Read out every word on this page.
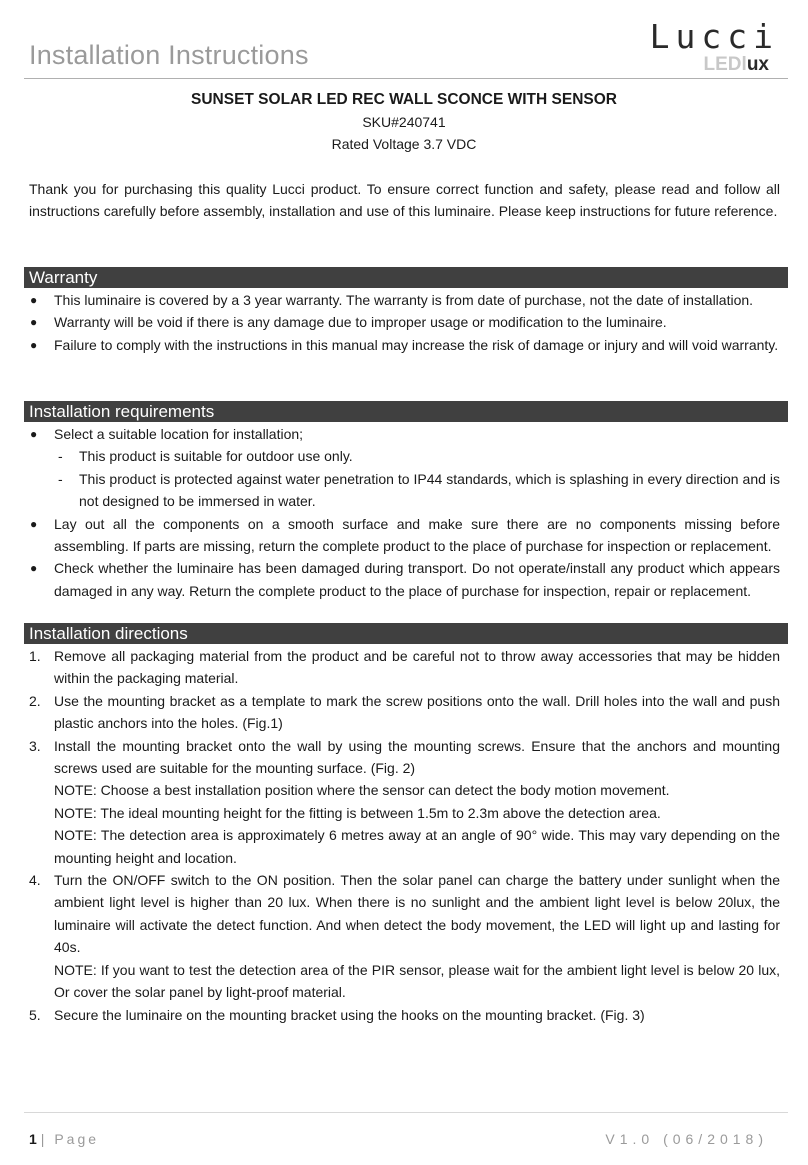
Installation Instructions	Lucci
LEDlux
SUNSET SOLAR LED REC WALL SCONCE WITH SENSOR
SKU#240741
Rated Voltage 3.7 VDC
Thank you for purchasing this quality Lucci product. To ensure correct function and safety, please read and follow all instructions carefully before assembly, installation and use of this luminaire. Please keep instructions for future reference.
Warranty
● This luminaire is covered by a 3 year warranty. The warranty is from date of purchase, not the date of installation.
● Warranty will be void if there is any damage due to improper usage or modification to the luminaire.
● Failure to comply with the instructions in this manual may increase the risk of damage or injury and will void warranty.
Installation requirements
● Select a suitable location for installation;
- This product is suitable for outdoor use only.
- This product is protected against water penetration to IP44 standards, which is splashing in every direction and is not designed to be immersed in water.
● Lay out all the components on a smooth surface and make sure there are no components missing before assembling. If parts are missing, return the complete product to the place of purchase for inspection or replacement.
● Check whether the luminaire has been damaged during transport. Do not operate/install any product which appears damaged in any way. Return the complete product to the place of purchase for inspection, repair or replacement.
Installation directions
1. Remove all packaging material from the product and be careful not to throw away accessories that may be hidden within the packaging material.
2. Use the mounting bracket as a template to mark the screw positions onto the wall. Drill holes into the wall and push plastic anchors into the holes. (Fig.1)
3. Install the mounting bracket onto the wall by using the mounting screws. Ensure that the anchors and mounting screws used are suitable for the mounting surface. (Fig. 2)
NOTE: Choose a best installation position where the sensor can detect the body motion movement.
NOTE: The ideal mounting height for the fitting is between 1.5m to 2.3m above the detection area.
NOTE: The detection area is approximately 6 metres away at an angle of 90° wide. This may vary depending on the mounting height and location.
4. Turn the ON/OFF switch to the ON position. Then the solar panel can charge the battery under sunlight when the ambient light level is higher than 20 lux. When there is no sunlight and the ambient light level is below 20lux, the luminaire will activate the detect function. And when detect the body movement, the LED will light up and lasting for 40s.
NOTE: If you want to test the detection area of the PIR sensor, please wait for the ambient light level is below 20 lux, Or cover the solar panel by light-proof material.
5. Secure the luminaire on the mounting bracket using the hooks on the mounting bracket. (Fig. 3)
1 | Page	V1.0 (06/2018)
